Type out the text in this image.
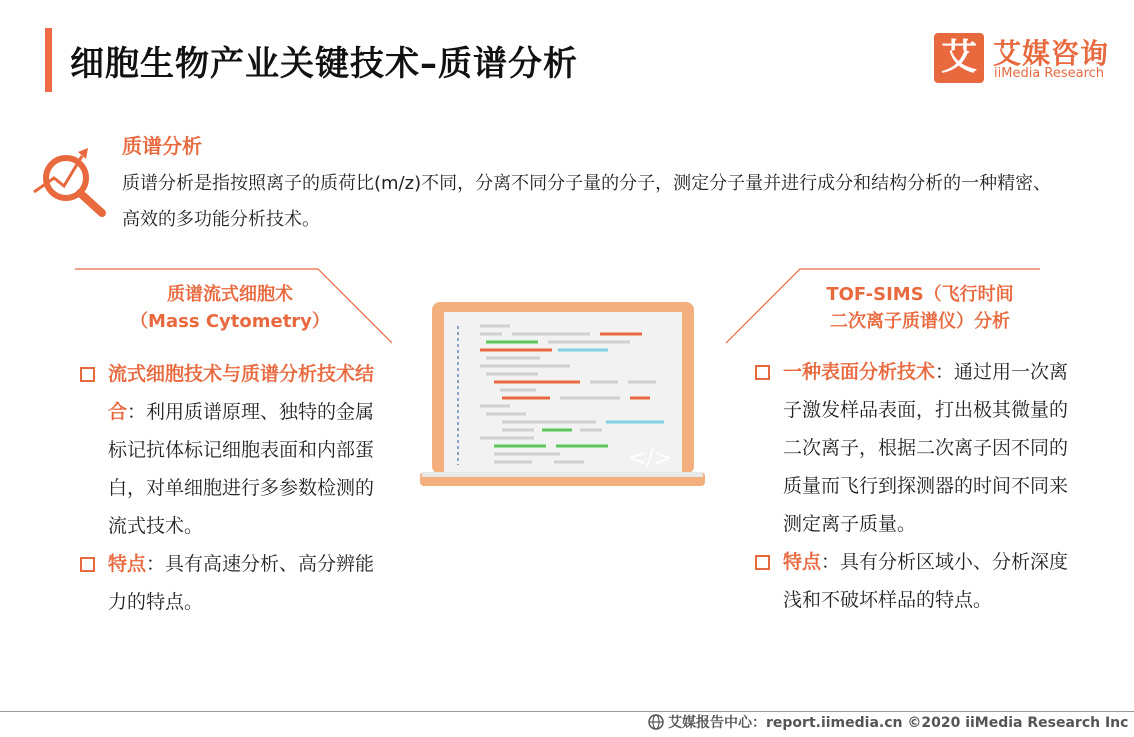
细胞生物产业关键技术–质谱分析	艾 艾媒咨询
iiMedia Research
质谱分析
质谱分析是指按照离子的质荷比(m/z)不同，分离不同分子量的分子，测定分子量并进行成分和结构分析的一种精密、高效的多功能分析技术。
质谱流式细胞术
（Mass Cytometry）
流式细胞技术与质谱分析技术结合：利用质谱原理、独特的金属标记抗体标记细胞表面和内部蛋白，对单细胞进行多参数检测的流式技术。
特点：具有高速分析、高分辨能力的特点。
TOF-SIMS（飞行时间
二次离子质谱仪）分析
一种表面分析技术：通过用一次离子激发样品表面，打出极其微量的二次离子，根据二次离子因不同的质量而飞行到探测器的时间不同来测定离子质量。
特点：具有分析区域小、分析深度浅和不破坏样品的特点。
</>
艾媒报告中心：report.iimedia.cn ©2020 iiMedia Research Inc
